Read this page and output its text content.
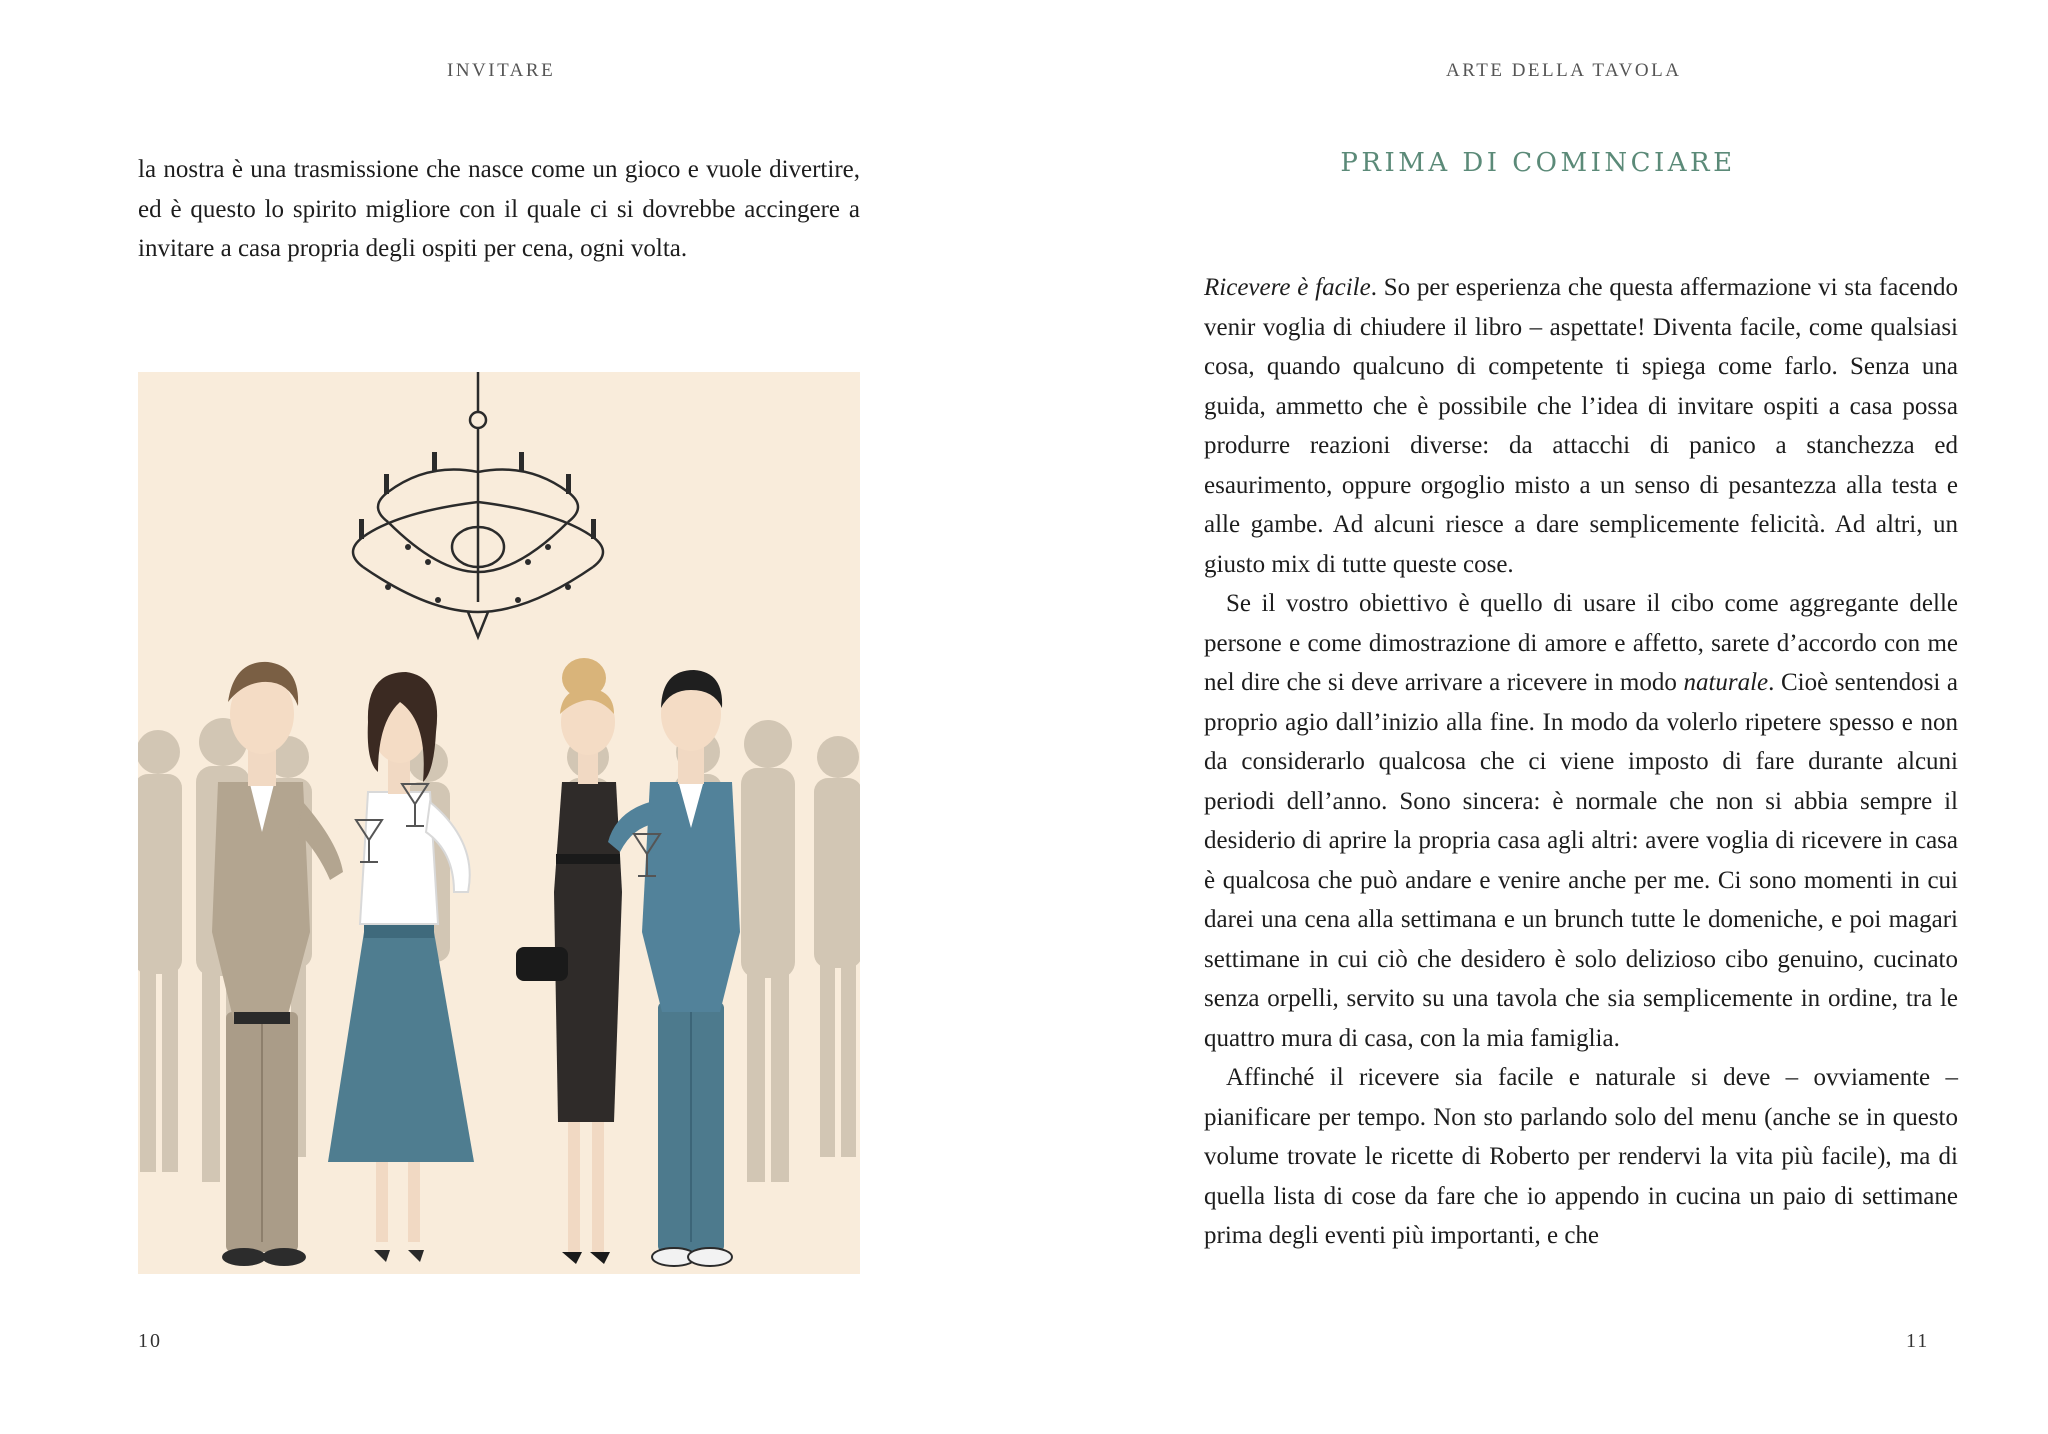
INVITARE

la nostra è una trasmissione che nasce come un gioco e vuole divertire, ed è questo lo spirito migliore con il quale ci si dovrebbe accingere a invitare a casa propria degli ospiti per cena, ogni volta.

10

ARTE DELLA TAVOLA

PRIMA DI COMINCIARE

Ricevere è facile. So per esperienza che questa affermazione vi sta facendo venir voglia di chiudere il libro – aspettate! Diventa facile, come qualsiasi cosa, quando qualcuno di competente ti spiega come farlo. Senza una guida, ammetto che è possibile che l’idea di invitare ospiti a casa possa produrre reazioni diverse: da attacchi di panico a stanchezza ed esaurimento, oppure orgoglio misto a un senso di pesantezza alla testa e alle gambe. Ad alcuni riesce a dare semplicemente felicità. Ad altri, un giusto mix di tutte queste cose.

Se il vostro obiettivo è quello di usare il cibo come aggregante delle persone e come dimostrazione di amore e affetto, sarete d’accordo con me nel dire che si deve arrivare a ricevere in modo naturale. Cioè sentendosi a proprio agio dall’inizio alla fine. In modo da volerlo ripetere spesso e non da considerarlo qualcosa che ci viene imposto di fare durante alcuni periodi dell’anno. Sono sincera: è normale che non si abbia sempre il desiderio di aprire la propria casa agli altri: avere voglia di ricevere in casa è qualcosa che può andare e venire anche per me. Ci sono momenti in cui darei una cena alla settimana e un brunch tutte le domeniche, e poi magari settimane in cui ciò che desidero è solo delizioso cibo genuino, cucinato senza orpelli, servito su una tavola che sia semplicemente in ordine, tra le quattro mura di casa, con la mia famiglia.

Affinché il ricevere sia facile e naturale si deve – ovviamente – pianificare per tempo. Non sto parlando solo del menu (anche se in questo volume trovate le ricette di Roberto per rendervi la vita più facile), ma di quella lista di cose da fare che io appendo in cucina un paio di settimane prima degli eventi più importanti, e che

11
